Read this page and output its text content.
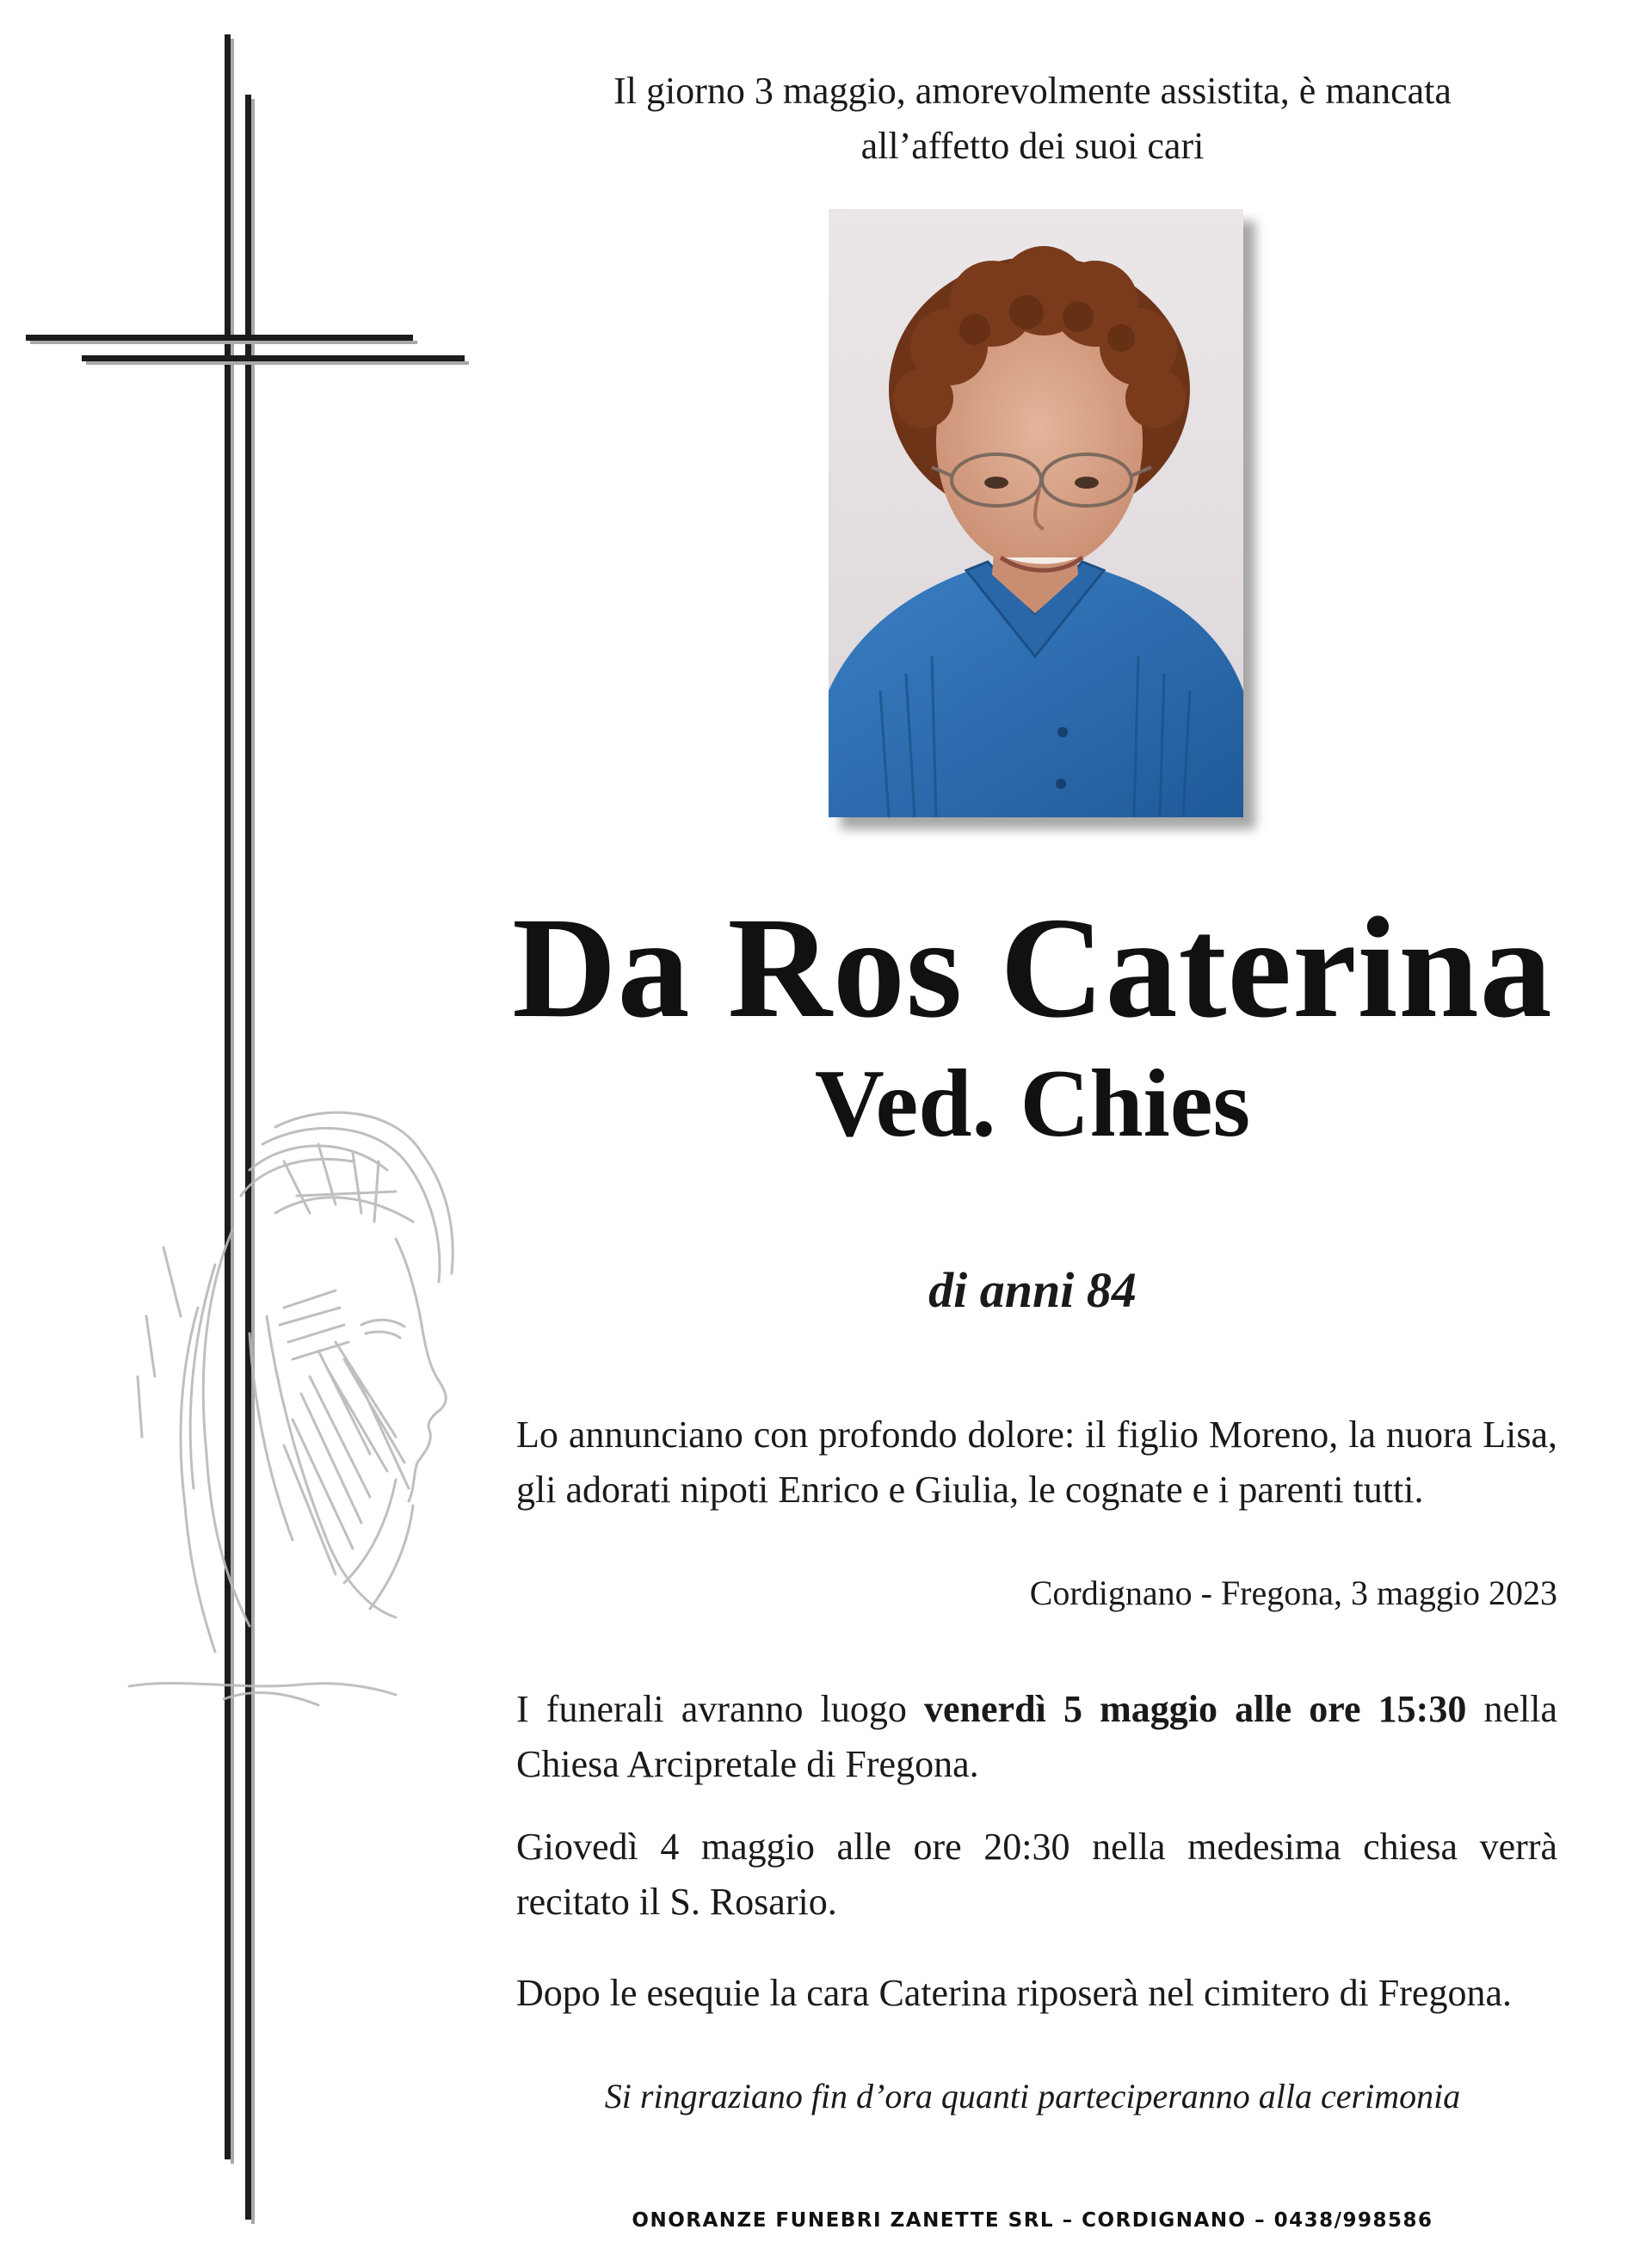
Il giorno 3 maggio, amorevolmente assistita, è mancata
all’affetto dei suoi cari
Da Ros Caterina
Ved. Chies
di anni 84
Lo annunciano con profondo dolore: il figlio Moreno, la nuora Lisa, gli adorati nipoti Enrico e Giulia, le cognate e i parenti tutti.
Cordignano - Fregona, 3 maggio 2023
I funerali avranno luogo venerdì 5 maggio alle ore 15:30 nella Chiesa Arcipretale di Fregona.
Giovedì 4 maggio alle ore 20:30 nella medesima chiesa verrà recitato il S. Rosario.
Dopo le esequie la cara Caterina riposerà nel cimitero di Fregona.
Si ringraziano fin d’ora quanti parteciperanno alla cerimonia
ONORANZE FUNEBRI ZANETTE SRL – CORDIGNANO – 0438/998586
